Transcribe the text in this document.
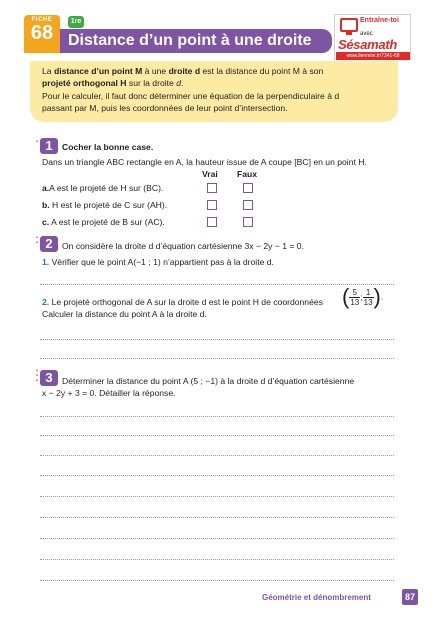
FICHE
68
1re
Distance d’un point à une droite
Entraîne-toi
avec
Sésamath
www.lienmini.fr/7341-68
La distance d’un point M à une droite d est la distance du point M à son
projeté orthogonal H sur la droite d.
Pour le calculer, il faut donc déterminer une équation de la perpendiculaire à d
passant par M, puis les coordonnées de leur point d’intersection.
• 1	Cocher la bonne case.
Dans un triangle ABC rectangle en A, la hauteur issue de A coupe [BC] en un point H.
Vrai Faux
a.A est le projeté de H sur (BC).
b. H est le projeté de C sur (AH).
c. A est le projeté de B sur (AC).
•
• 2	On considère la droite d d’équation cartésienne 3x − 2y − 1 = 0.
1. Vérifier que le point A(−1 ; 1) n’appartient pas à la droite d.
2. Le projeté orthogonal de A sur la droite d est le point H de coordonnées ( $\frac{5}{13}$ ; $\frac{1}{13}$ ).
Calculer la distance du point A à la droite d.
•
•
• 3	Déterminer la distance du point A (5 ; −1) à la droite d d’équation cartésienne
x − 2y + 3 = 0. Détailler la réponse.
Géométrie et dénombrement	87
